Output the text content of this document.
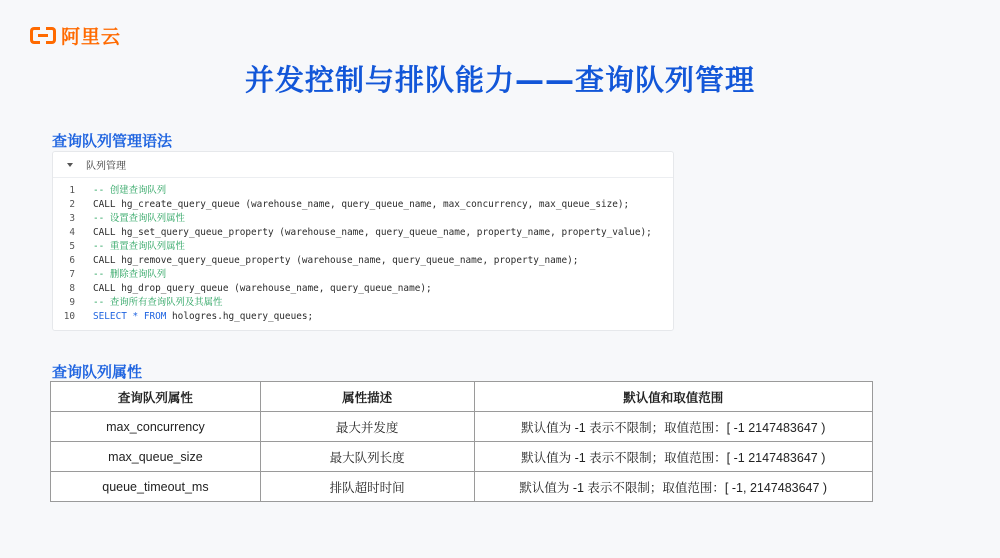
阿里云
并发控制与排队能力——查询队列管理
查询队列管理语法
队列管理
1 -- 创建查询队列
2 CALL hg_create_query_queue (warehouse_name, query_queue_name, max_concurrency, max_queue_size);
3 -- 设置查询队列属性
4 CALL hg_set_query_queue_property (warehouse_name, query_queue_name, property_name, property_value);
5 -- 重置查询队列属性
6 CALL hg_remove_query_queue_property (warehouse_name, query_queue_name, property_name);
7 -- 删除查询队列
8 CALL hg_drop_query_queue (warehouse_name, query_queue_name);
9 -- 查询所有查询队列及其属性
10 SELECT * FROM hologres.hg_query_queues;
查询队列属性
查询队列属性	属性描述	默认值和取值范围
max_concurrency	最大并发度	默认值为 -1 表示不限制；取值范围：[ -1 2147483647 )
max_queue_size	最大队列长度	默认值为 -1 表示不限制；取值范围：[ -1 2147483647 )
queue_timeout_ms	排队超时时间	默认值为 -1 表示不限制；取值范围：[ -1, 2147483647 )
